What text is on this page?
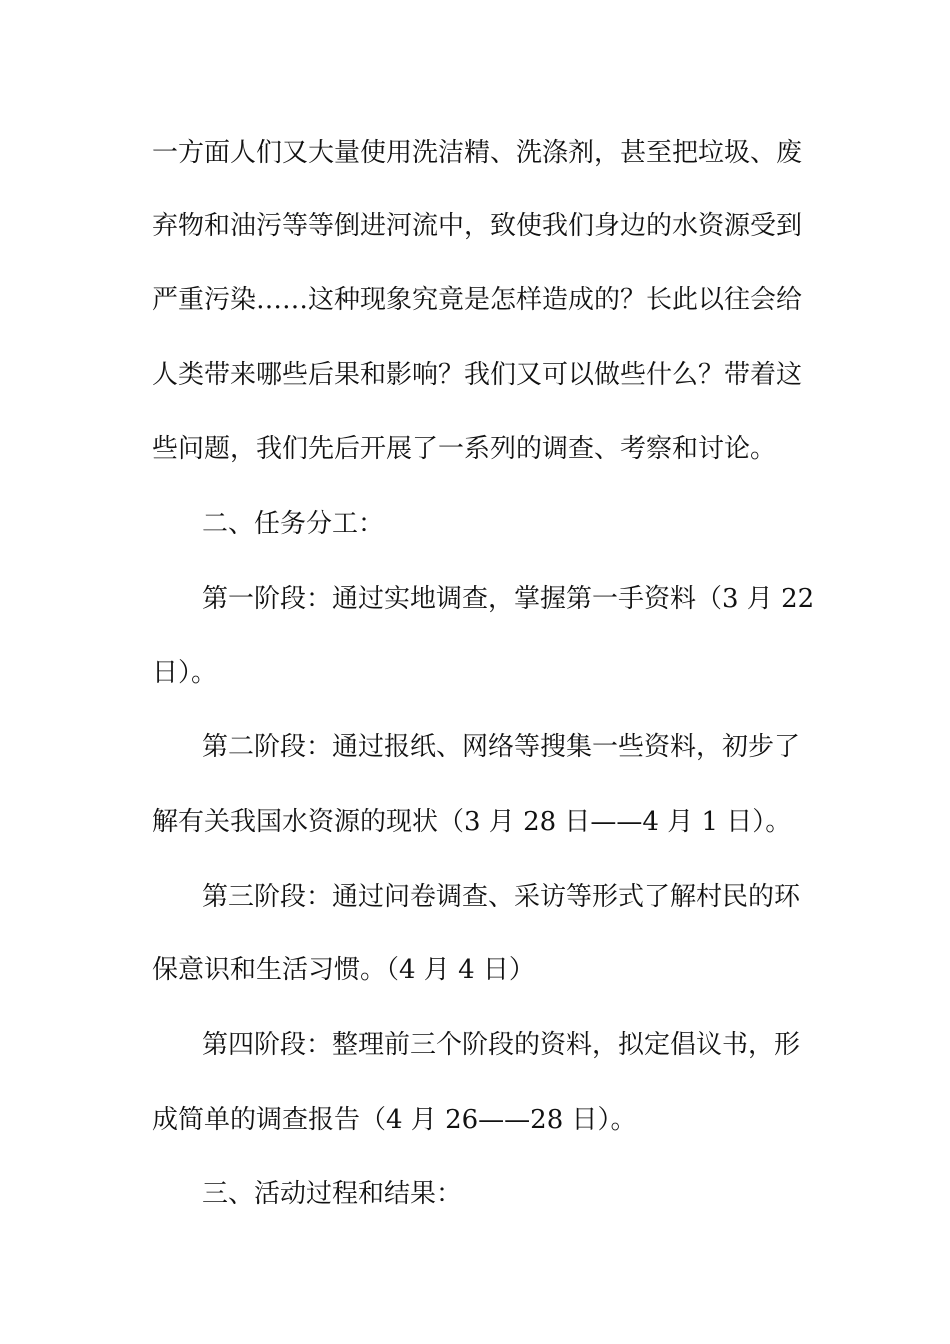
一方面人们又大量使用洗洁精、洗涤剂，甚至把垃圾、废
弃物和油污等等倒进河流中，致使我们身边的水资源受到
严重污染……这种现象究竟是怎样造成的？长此以往会给
人类带来哪些后果和影响？我们又可以做些什么？带着这
些问题，我们先后开展了一系列的调查、考察和讨论。
二、任务分工：
第一阶段：通过实地调查，掌握第一手资料（3 月 22
日）。
第二阶段：通过报纸、网络等搜集一些资料，初步了
解有关我国水资源的现状（3 月 28 日——4 月 1 日）。
第三阶段：通过问卷调查、采访等形式了解村民的环
保意识和生活习惯。（4 月 4 日）
第四阶段：整理前三个阶段的资料，拟定倡议书，形
成简单的调查报告（4 月 26——28 日）。
三、活动过程和结果：
